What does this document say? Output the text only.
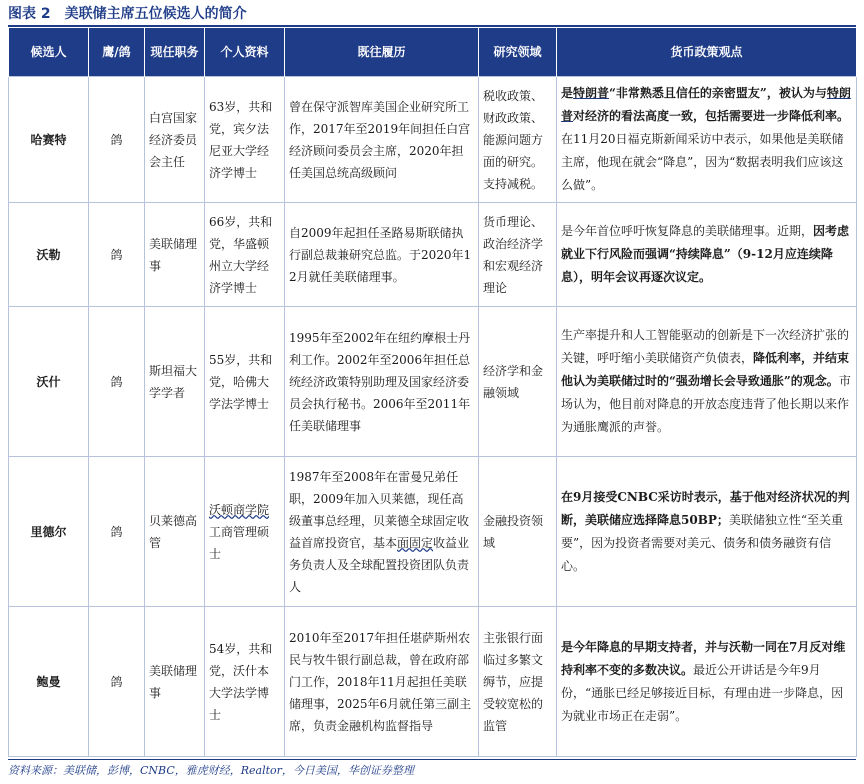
图表 2　美联储主席五位候选人的简介
候选人	鹰/鸽	现任职务	个人资料	既往履历	研究领域	货币政策观点
哈赛特	鸽	白宫国家经济委员会主任	63岁，共和党，宾夕法尼亚大学经济学博士	曾在保守派智库美国企业研究所工作，2017年至2019年间担任白宫经济顾问委员会主席，2020年担任美国总统高级顾问	税收政策、财政政策、能源问题方面的研究。支持减税。	是特朗普“非常熟悉且信任的亲密盟友”，被认为与特朗普对经济的看法高度一致，包括需要进一步降低利率。在11月20日福克斯新闻采访中表示，如果他是美联储主席，他现在就会“降息”，因为“数据表明我们应该这么做”。
沃勒	鸽	美联储理事	66岁，共和党，华盛顿州立大学经济学博士	自2009年起担任圣路易斯联储执行副总裁兼研究总监。于2020年12月就任美联储理事。	货币理论、政治经济学和宏观经济理论	是今年首位呼吁恢复降息的美联储理事。近期，因考虑就业下行风险而强调“持续降息”（9-12月应连续降息），明年会议再逐次议定。
沃什	鸽	斯坦福大学学者	55岁，共和党，哈佛大学法学博士	1995年至2002年在纽约摩根士丹利工作。2002年至2006年担任总统经济政策特别助理及国家经济委员会执行秘书。2006年至2011年任美联储理事	经济学和金融领域	生产率提升和人工智能驱动的创新是下一次经济扩张的关键，呼吁缩小美联储资产负债表，降低利率，并结束他认为美联储过时的“强劲增长会导致通胀”的观念。市场认为，他目前对降息的开放态度违背了他长期以来作为通胀鹰派的声誉。
里德尔	鸽	贝莱德高管	沃顿商学院工商管理硕士	1987年至2008年在雷曼兄弟任职，2009年加入贝莱德，现任高级董事总经理，贝莱德全球固定收益首席投资官，基本面固定收益业务负责人及全球配置投资团队负责人	金融投资领域	在9月接受CNBC采访时表示，基于他对经济状况的判断，美联储应选择降息50BP；美联储独立性“至关重要”，因为投资者需要对美元、债务和债务融资有信心。
鲍曼	鸽	美联储理事	54岁，共和党，沃什本大学法学博士	2010年至2017年担任堪萨斯州农民与牧牛银行副总裁，曾在政府部门工作，2018年11月起担任美联储理事，2025年6月就任第三副主席，负责金融机构监督指导	主张银行面临过多繁文缛节，应提受较宽松的监管	是今年降息的早期支持者，并与沃勒一同在7月反对维持利率不变的多数决议。最近公开讲话是今年9月份，“通胀已经足够接近目标，有理由进一步降息，因为就业市场正在走弱”。
资料来源：美联储，彭博，CNBC，雅虎财经，Realtor，今日美国，华创证券整理
